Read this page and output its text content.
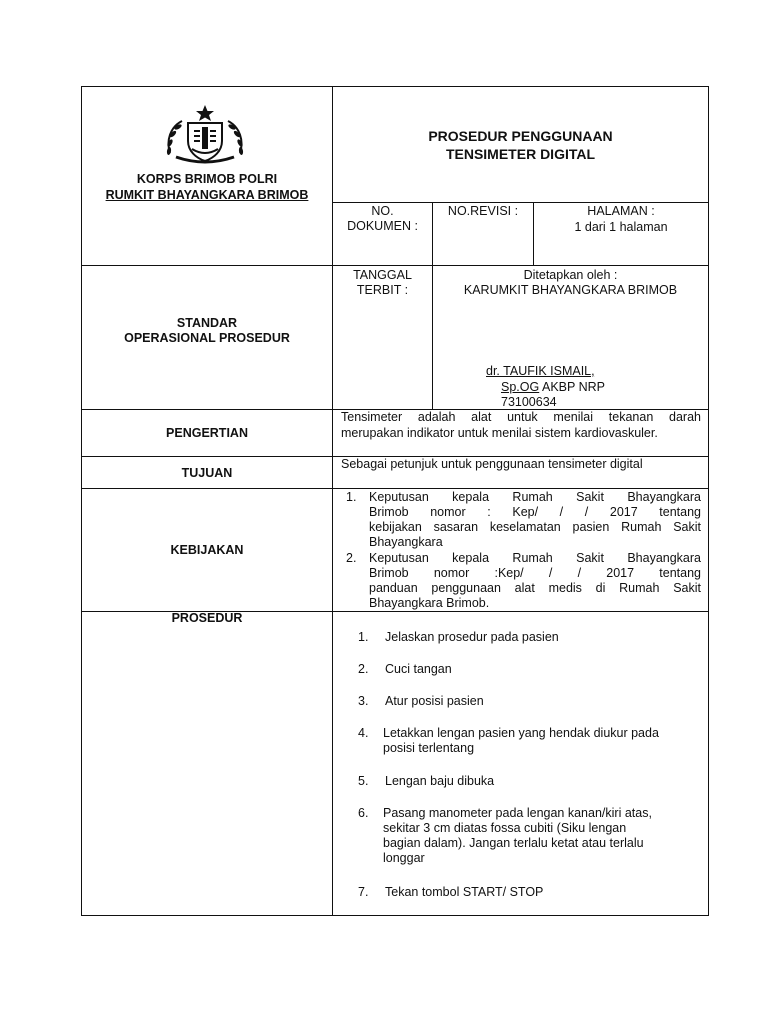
KORPS BRIMOB POLRI
RUMKIT BHAYANGKARA BRIMOB
PROSEDUR PENGGUNAAN
TENSIMETER DIGITAL
NO.
DOKUMEN :
NO.REVISI :	HALAMAN :
1 dari 1 halaman
STANDAR
OPERASIONAL PROSEDUR
TANGGAL
TERBIT :
Ditetapkan oleh :
KARUMKIT BHAYANGKARA BRIMOB
dr. TAUFIK ISMAIL,
Sp.OG AKBP NRP
73100634
PENGERTIAN
Tensimeter adalah alat untuk menilai tekanan darah
merupakan indikator untuk menilai sistem kardiovaskuler.
TUJUAN
Sebagai petunjuk untuk penggunaan tensimeter digital
KEBIJAKAN
1. Keputusan kepala Rumah Sakit Bhayangkara
Brimob nomor : Kep/ / / 2017 tentang
kebijakan sasaran keselamatan pasien Rumah Sakit
Bhayangkara
2. Keputusan kepala Rumah Sakit Bhayangkara
Brimob nomor :Kep/ / / 2017 tentang
panduan penggunaan alat medis di Rumah Sakit
Bhayangkara Brimob.
PROSEDUR
1. Jelaskan prosedur pada pasien
2. Cuci tangan
3. Atur posisi pasien
4. Letakkan lengan pasien yang hendak diukur pada
posisi terlentang
5. Lengan baju dibuka
6. Pasang manometer pada lengan kanan/kiri atas,
sekitar 3 cm diatas fossa cubiti (Siku lengan
bagian dalam). Jangan terlalu ketat atau terlalu
longgar
7. Tekan tombol START/ STOP
